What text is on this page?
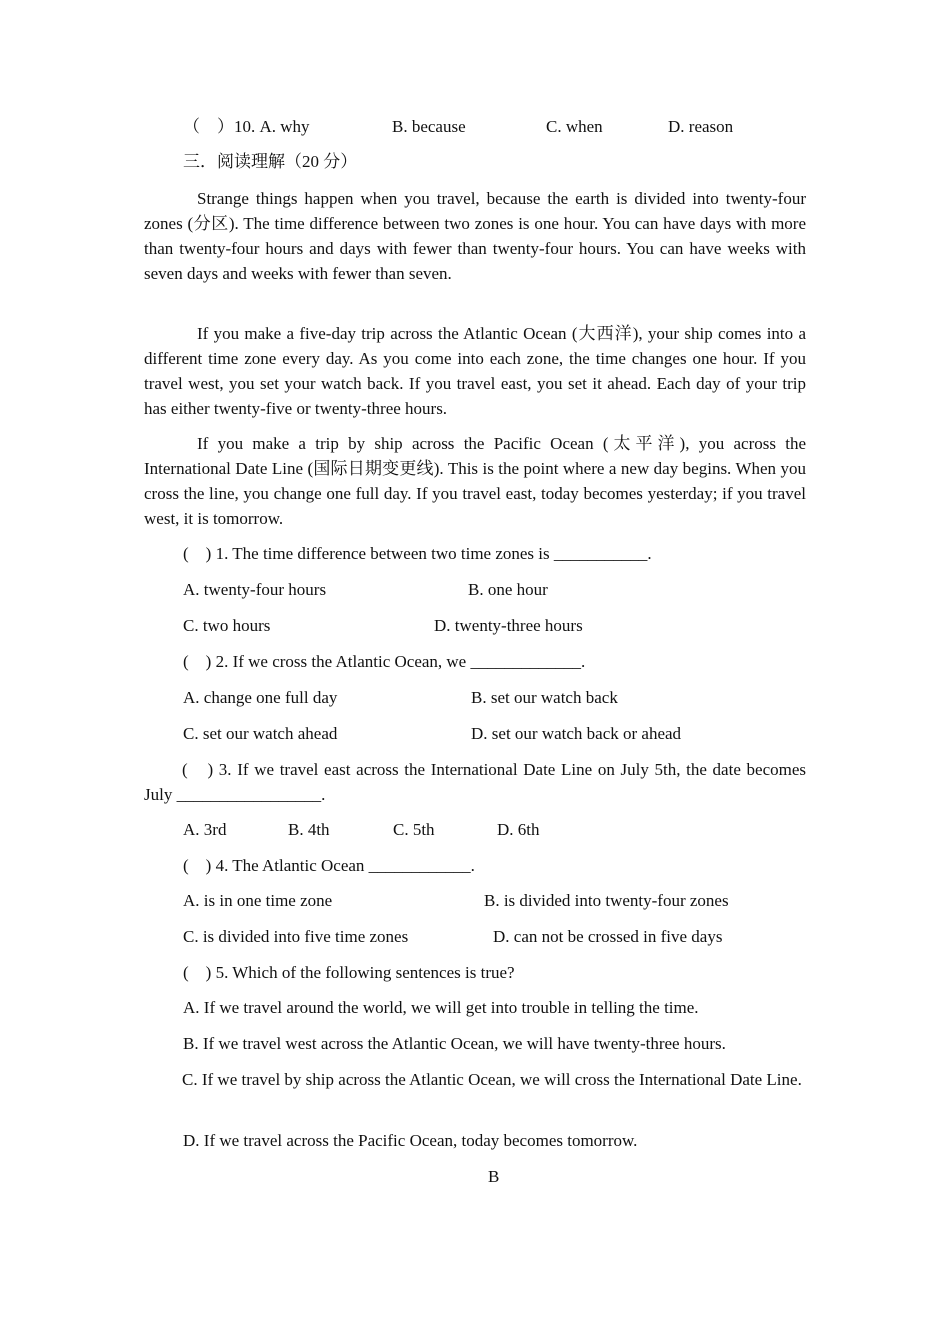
（　）10. A. why	B. because	C. when	D. reason
三．阅读理解（20 分）
Strange things happen when you travel, because the earth is divided into twenty-four zones (分区). The time difference between two zones is one hour. You can have days with more than twenty-four hours and days with fewer than twenty-four hours. You can have weeks with seven days and weeks with fewer than seven.
If you make a five-day trip across the Atlantic Ocean (大西洋), your ship comes into a different time zone every day. As you come into each zone, the time changes one hour. If you travel west, you set your watch back. If you travel east, you set it ahead. Each day of your trip has either twenty-five or twenty-three hours.
If you make a trip by ship across the Pacific Ocean (太平洋), you across the International Date Line (国际日期变更线). This is the point where a new day begins. When you cross the line, you change one full day. If you travel east, today becomes yesterday; if you travel west, it is tomorrow.
(　) 1. The time difference between two time zones is ___________.
A. twenty-four hours	B. one hour
C. two hours	D. twenty-three hours
(　) 2. If we cross the Atlantic Ocean, we _____________.
A. change one full day	B. set our watch back
C. set our watch ahead	D. set our watch back or ahead
(　) 3. If we travel east across the International Date Line on July 5th, the date becomes July _________________.
A. 3rd	B. 4th	C. 5th	D. 6th
(　) 4. The Atlantic Ocean ____________.
A. is in one time zone	B. is divided into twenty-four zones
C. is divided into five time zones	D. can not be crossed in five days
(　) 5. Which of the following sentences is true?
A. If we travel around the world, we will get into trouble in telling the time.
B. If we travel west across the Atlantic Ocean, we will have twenty-three hours.
C. If we travel by ship across the Atlantic Ocean, we will cross the International Date Line.
D. If we travel across the Pacific Ocean, today becomes tomorrow.
B
